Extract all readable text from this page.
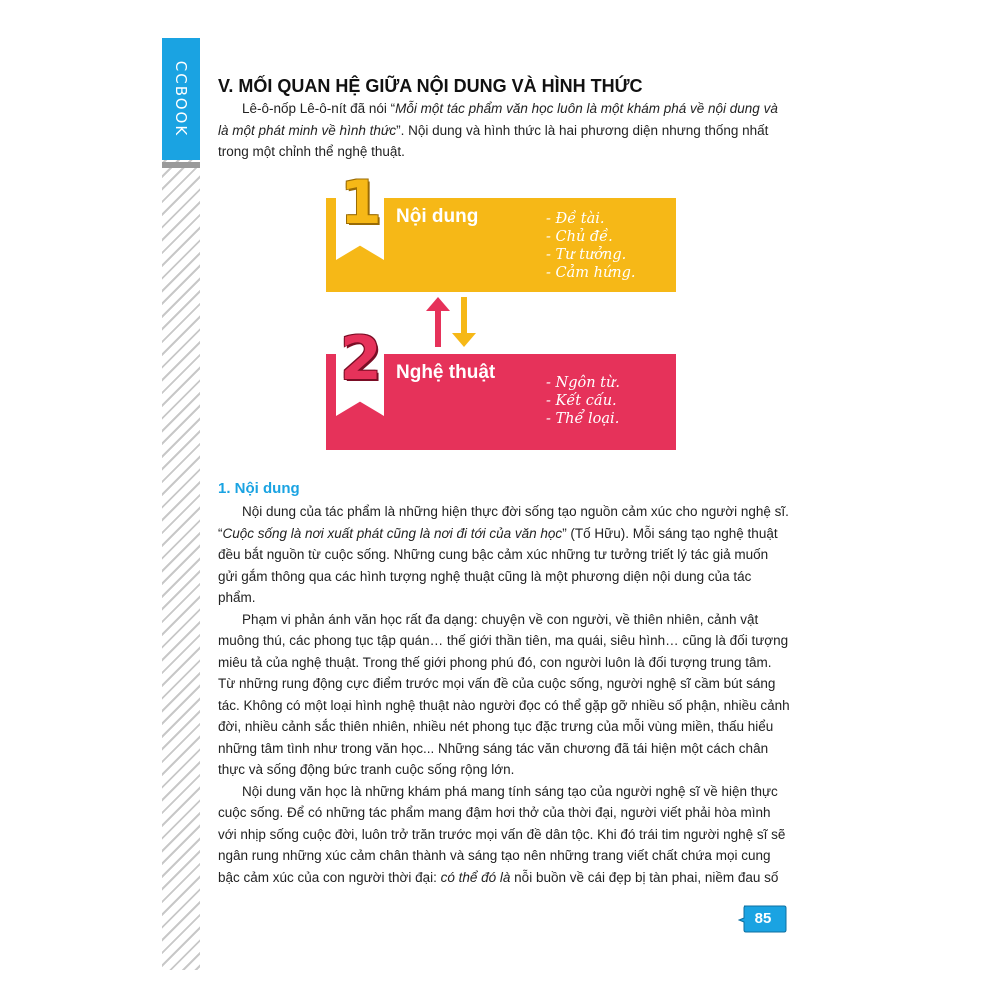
CCBOOK V. MỐI QUAN HỆ GIỮA NỘI DUNG VÀ HÌNH THỨC

Lê-ô-nốp Lê-ô-nít đã nói “Mỗi một tác phẩm văn học luôn là một khám phá về nội dung và là một phát minh về hình thức”. Nội dung và hình thức là hai phương diện nhưng thống nhất trong một chỉnh thể nghệ thuật.

1 Nội dung	- Đề tài.
- Chủ đề.
- Tư tưởng.
- Cảm hứng.
2 Nghệ thuật	- Ngôn từ.
- Kết cấu.
- Thể loại.
1. Nội dung

Nội dung của tác phẩm là những hiện thực đời sống tạo nguồn cảm xúc cho người nghệ sĩ. “Cuộc sống là nơi xuất phát cũng là nơi đi tới của văn học” (Tố Hữu). Mỗi sáng tạo nghệ thuật đều bắt nguồn từ cuộc sống. Những cung bậc cảm xúc những tư tưởng triết lý tác giả muốn gửi gắm thông qua các hình tượng nghệ thuật cũng là một phương diện nội dung của tác phẩm.

Phạm vi phản ánh văn học rất đa dạng: chuyện về con người, về thiên nhiên, cảnh vật muông thú, các phong tục tập quán… thế giới thần tiên, ma quái, siêu hình… cũng là đối tượng miêu tả của nghệ thuật. Trong thế giới phong phú đó, con người luôn là đối tượng trung tâm. Từ những rung động cực điểm trước mọi vấn đề của cuộc sống, người nghệ sĩ cầm bút sáng tác. Không có một loại hình nghệ thuật nào người đọc có thể gặp gỡ nhiều số phận, nhiều cảnh đời, nhiều cảnh sắc thiên nhiên, nhiều nét phong tục đặc trưng của mỗi vùng miền, thấu hiểu những tâm tình như trong văn học... Những sáng tác văn chương đã tái hiện một cách chân thực và sống động bức tranh cuộc sống rộng lớn.

Nội dung văn học là những khám phá mang tính sáng tạo của người nghệ sĩ về hiện thực cuộc sống. Để có những tác phẩm mang đậm hơi thở của thời đại, người viết phải hòa mình với nhịp sống cuộc đời, luôn trở trăn trước mọi vấn đề dân tộc. Khi đó trái tim người nghệ sĩ sẽ ngân rung những xúc cảm chân thành và sáng tạo nên những trang viết chất chứa mọi cung bậc cảm xúc của con người thời đại: có thể đó là nỗi buồn về cái đẹp bị tàn phai, niềm đau số

85
